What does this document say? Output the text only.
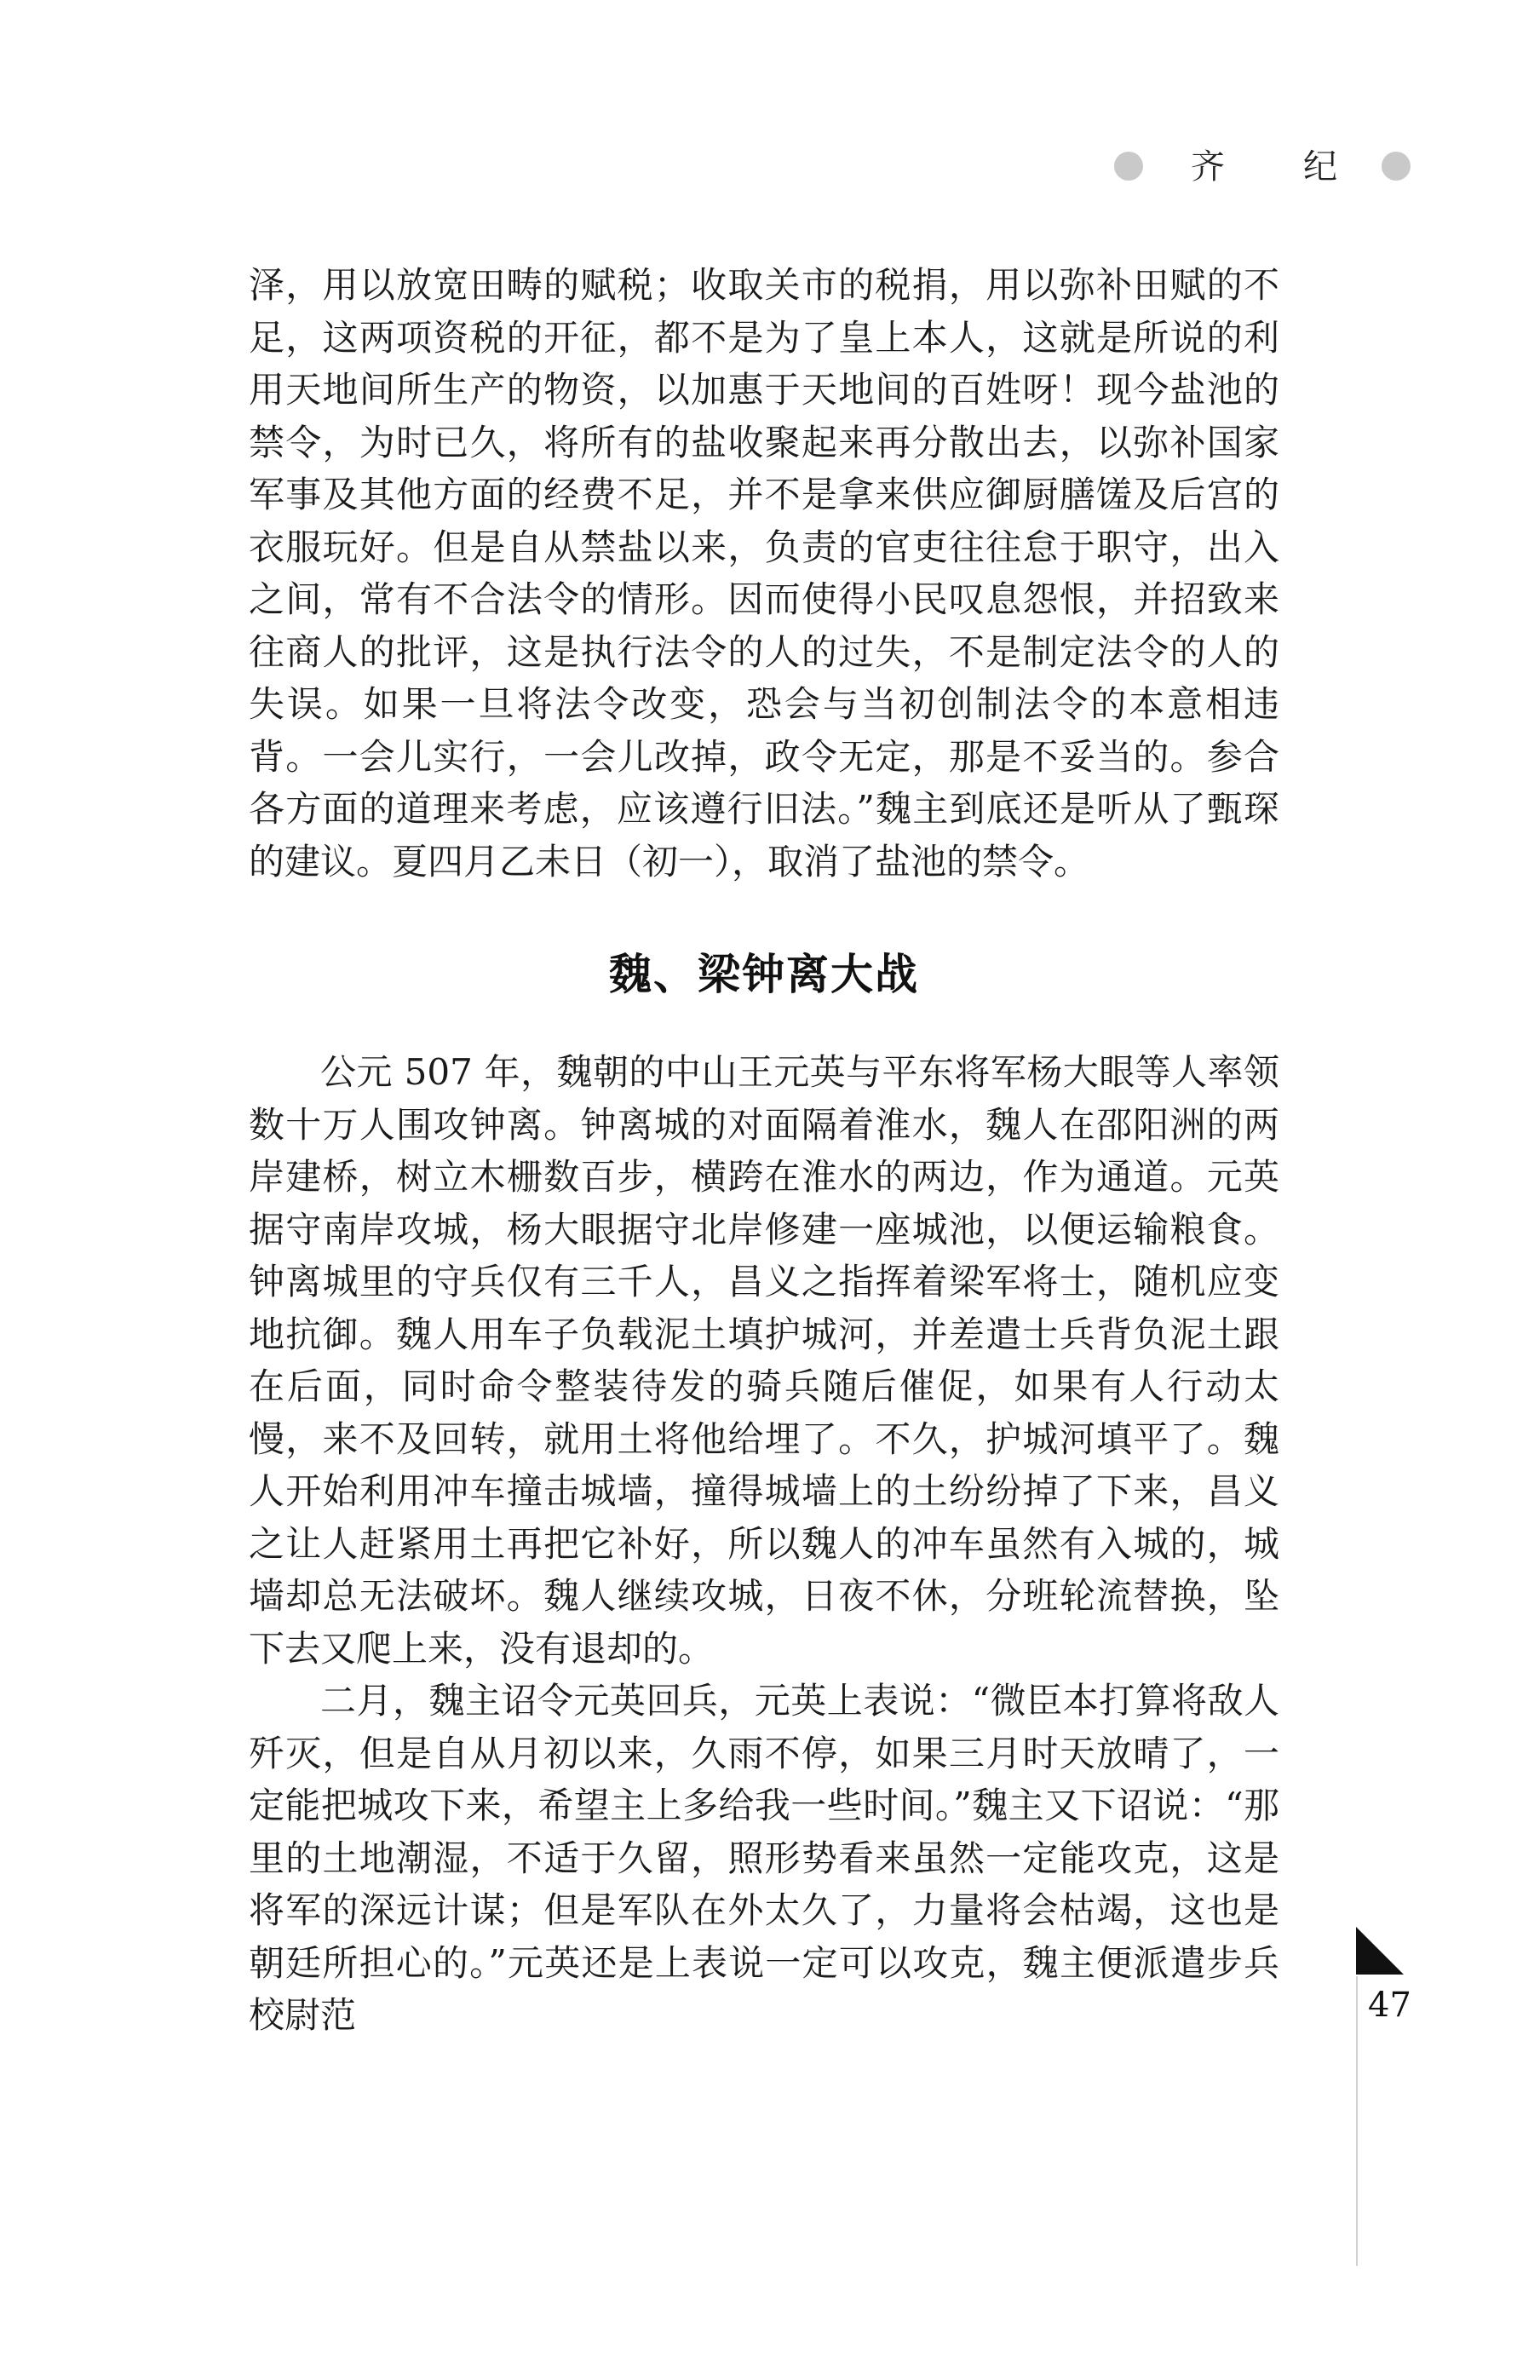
齐 纪

泽，用以放宽田畴的赋税；收取关市的税捐，用以弥补田赋的不足，这两项资税的开征，都不是为了皇上本人，这就是所说的利用天地间所生产的物资，以加惠于天地间的百姓呀！现今盐池的禁令，为时已久，将所有的盐收聚起来再分散出去，以弥补国家军事及其他方面的经费不足，并不是拿来供应御厨膳馐及后宫的衣服玩好。但是自从禁盐以来，负责的官吏往往怠于职守，出入之间，常有不合法令的情形。因而使得小民叹息怨恨，并招致来往商人的批评，这是执行法令的人的过失，不是制定法令的人的失误。如果一旦将法令改变，恐会与当初创制法令的本意相违背。一会儿实行，一会儿改掉，政令无定，那是不妥当的。参合各方面的道理来考虑，应该遵行旧法。”魏主到底还是听从了甄琛的建议。夏四月乙未日（初一），取消了盐池的禁令。

魏、梁钟离大战

公元 507 年，魏朝的中山王元英与平东将军杨大眼等人率领数十万人围攻钟离。钟离城的对面隔着淮水，魏人在邵阳洲的两岸建桥，树立木栅数百步，横跨在淮水的两边，作为通道。元英据守南岸攻城，杨大眼据守北岸修建一座城池，以便运输粮食。钟离城里的守兵仅有三千人，昌义之指挥着梁军将士，随机应变地抗御。魏人用车子负载泥土填护城河，并差遣士兵背负泥土跟在后面，同时命令整装待发的骑兵随后催促，如果有人行动太慢，来不及回转，就用土将他给埋了。不久，护城河填平了。魏人开始利用冲车撞击城墙，撞得城墙上的土纷纷掉了下来，昌义之让人赶紧用土再把它补好，所以魏人的冲车虽然有入城的，城墙却总无法破坏。魏人继续攻城，日夜不休，分班轮流替换，坠下去又爬上来，没有退却的。

二月，魏主诏令元英回兵，元英上表说：“微臣本打算将敌人歼灭，但是自从月初以来，久雨不停，如果三月时天放晴了，一定能把城攻下来，希望主上多给我一些时间。”魏主又下诏说：“那里的土地潮湿，不适于久留，照形势看来虽然一定能攻克，这是将军的深远计谋；但是军队在外太久了，力量将会枯竭，这也是朝廷所担心的。”元英还是上表说一定可以攻克，魏主便派遣步兵校尉范	47
